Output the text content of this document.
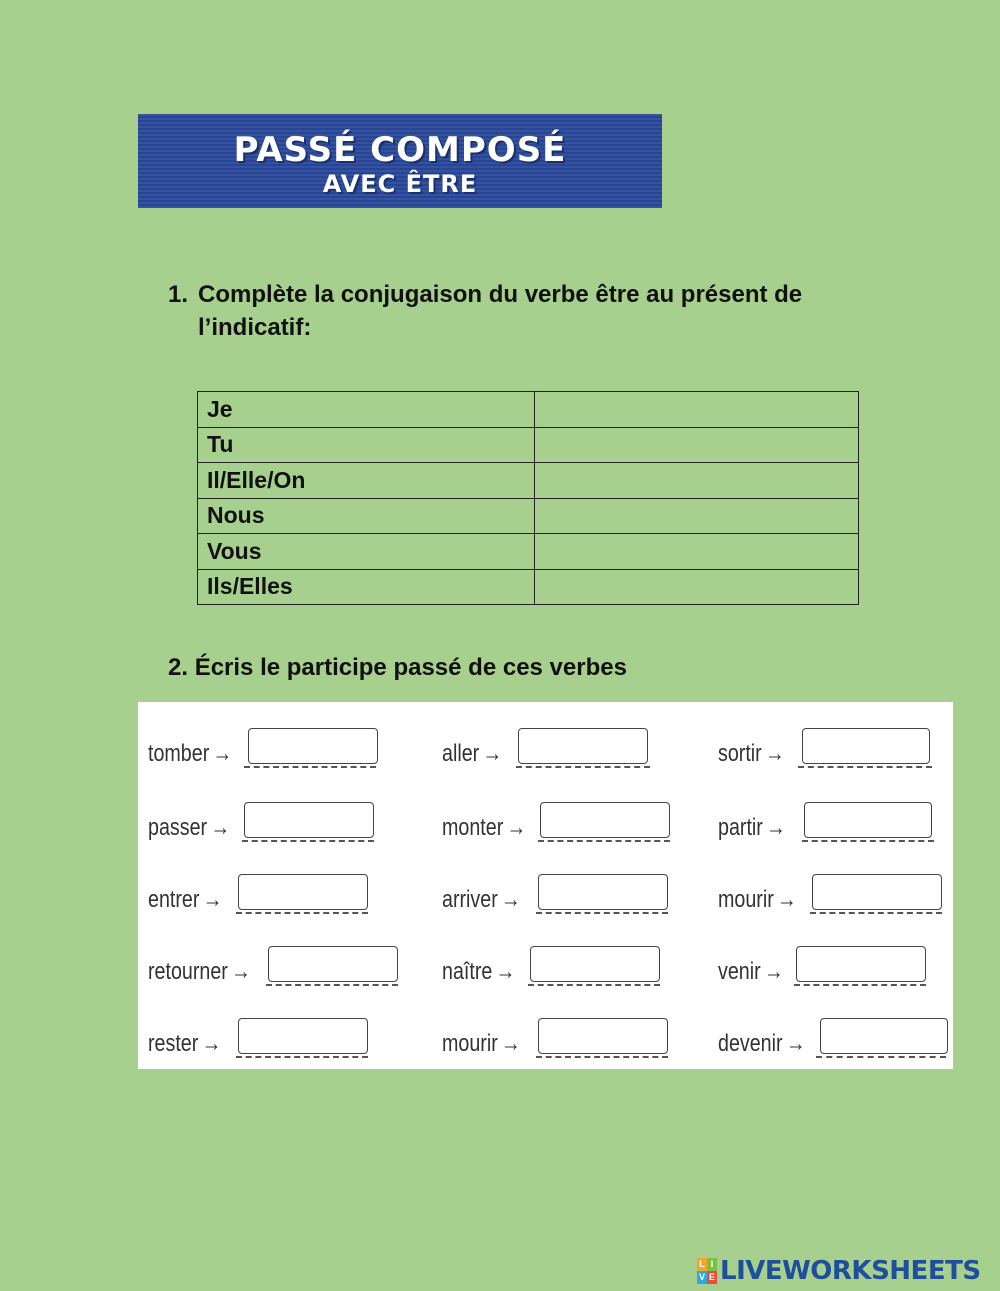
PASSÉ COMPOSÉ
AVEC ÊTRE
1. Complète la conjugaison du verbe être au présent de
l’indicatif:
Je	
Tu	
Il/Elle/On	
Nous	
Vous	
Ils/Elles	
2. Écris le participe passé de ces verbes
tomber →	aller →	sortir →
passer →	monter →	partir →
entrer →	arriver →	mourir →
retourner →	naître →	venir →
rester →	mourir →	devenir →
L I
V E LIVEWORKSHEETS
